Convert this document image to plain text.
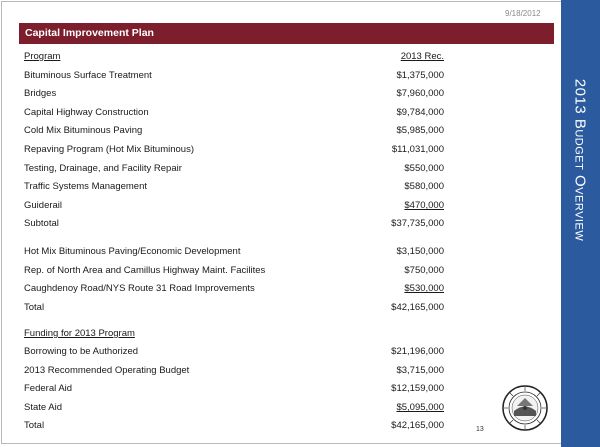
9/18/2012
2013 Budget Overview
Capital Improvement Plan
Program	2013 Rec.
Bituminous Surface Treatment	$1,375,000
Bridges	$7,960,000
Capital Highway Construction	$9,784,000
Cold Mix Bituminous Paving	$5,985,000
Repaving Program (Hot Mix Bituminous)	$11,031,000
Testing, Drainage, and Facility Repair	$550,000
Traffic Systems Management	$580,000
Guiderail	$470,000
Subtotal	$37,735,000
Hot Mix Bituminous Paving/Economic Development	$3,150,000
Rep. of North Area and Camillus Highway Maint. Facilites	$750,000
Caughdenoy Road/NYS Route 31 Road Improvements	$530,000
Total	$42,165,000
Funding for 2013 Program
Borrowing to be Authorized	$21,196,000
2013 Recommended Operating Budget	$3,715,000
Federal Aid	$12,159,000
State Aid	$5,095,000
Total	$42,165,000	13
